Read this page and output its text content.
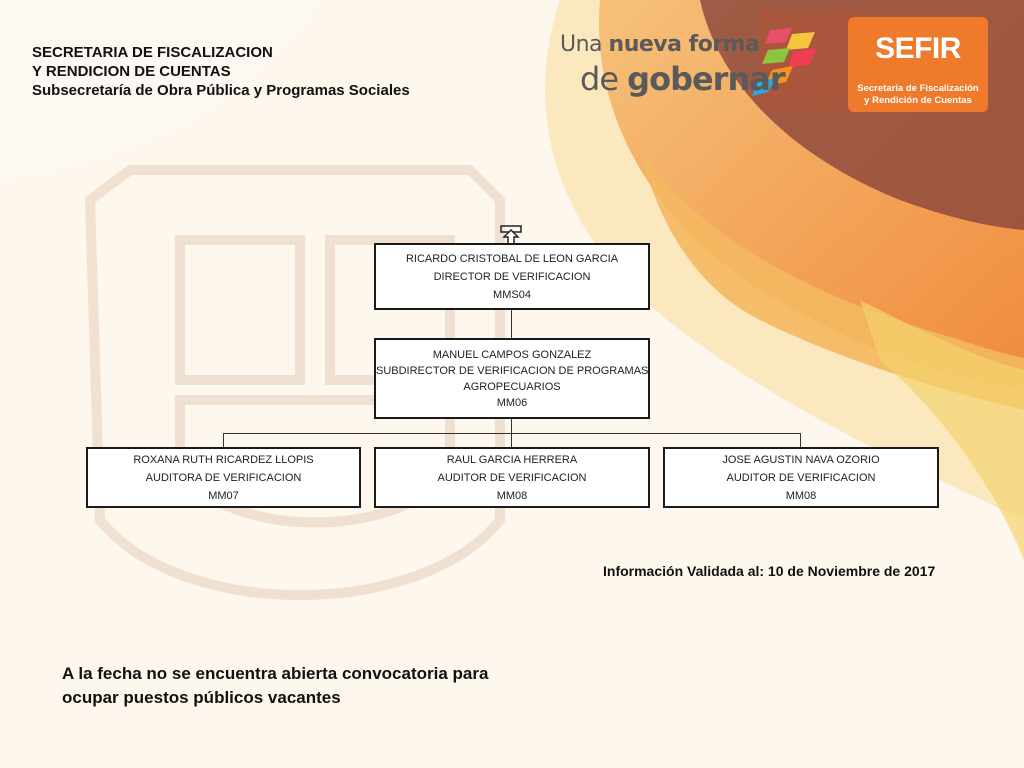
SECRETARIA DE FISCALIZACION
Y RENDICION DE CUENTAS
Subsecretaría de Obra Pública y Programas Sociales
Una nueva forma
de gobernar
SEFIR
Secretaría de Fiscalización
y Rendición de Cuentas
RICARDO CRISTOBAL DE LEON GARCIA
DIRECTOR DE VERIFICACION
MMS04
MANUEL CAMPOS GONZALEZ
SUBDIRECTOR DE VERIFICACION DE PROGRAMAS
AGROPECUARIOS
MM06
ROXANA RUTH RICARDEZ LLOPIS
AUDITORA DE VERIFICACION
MM07
RAUL GARCIA HERRERA
AUDITOR DE VERIFICACION
MM08
JOSE AGUSTIN NAVA OZORIO
AUDITOR DE VERIFICACION
MM08
Información Validada al: 10 de Noviembre de 2017
A la fecha no se encuentra abierta convocatoria para
ocupar puestos públicos vacantes
